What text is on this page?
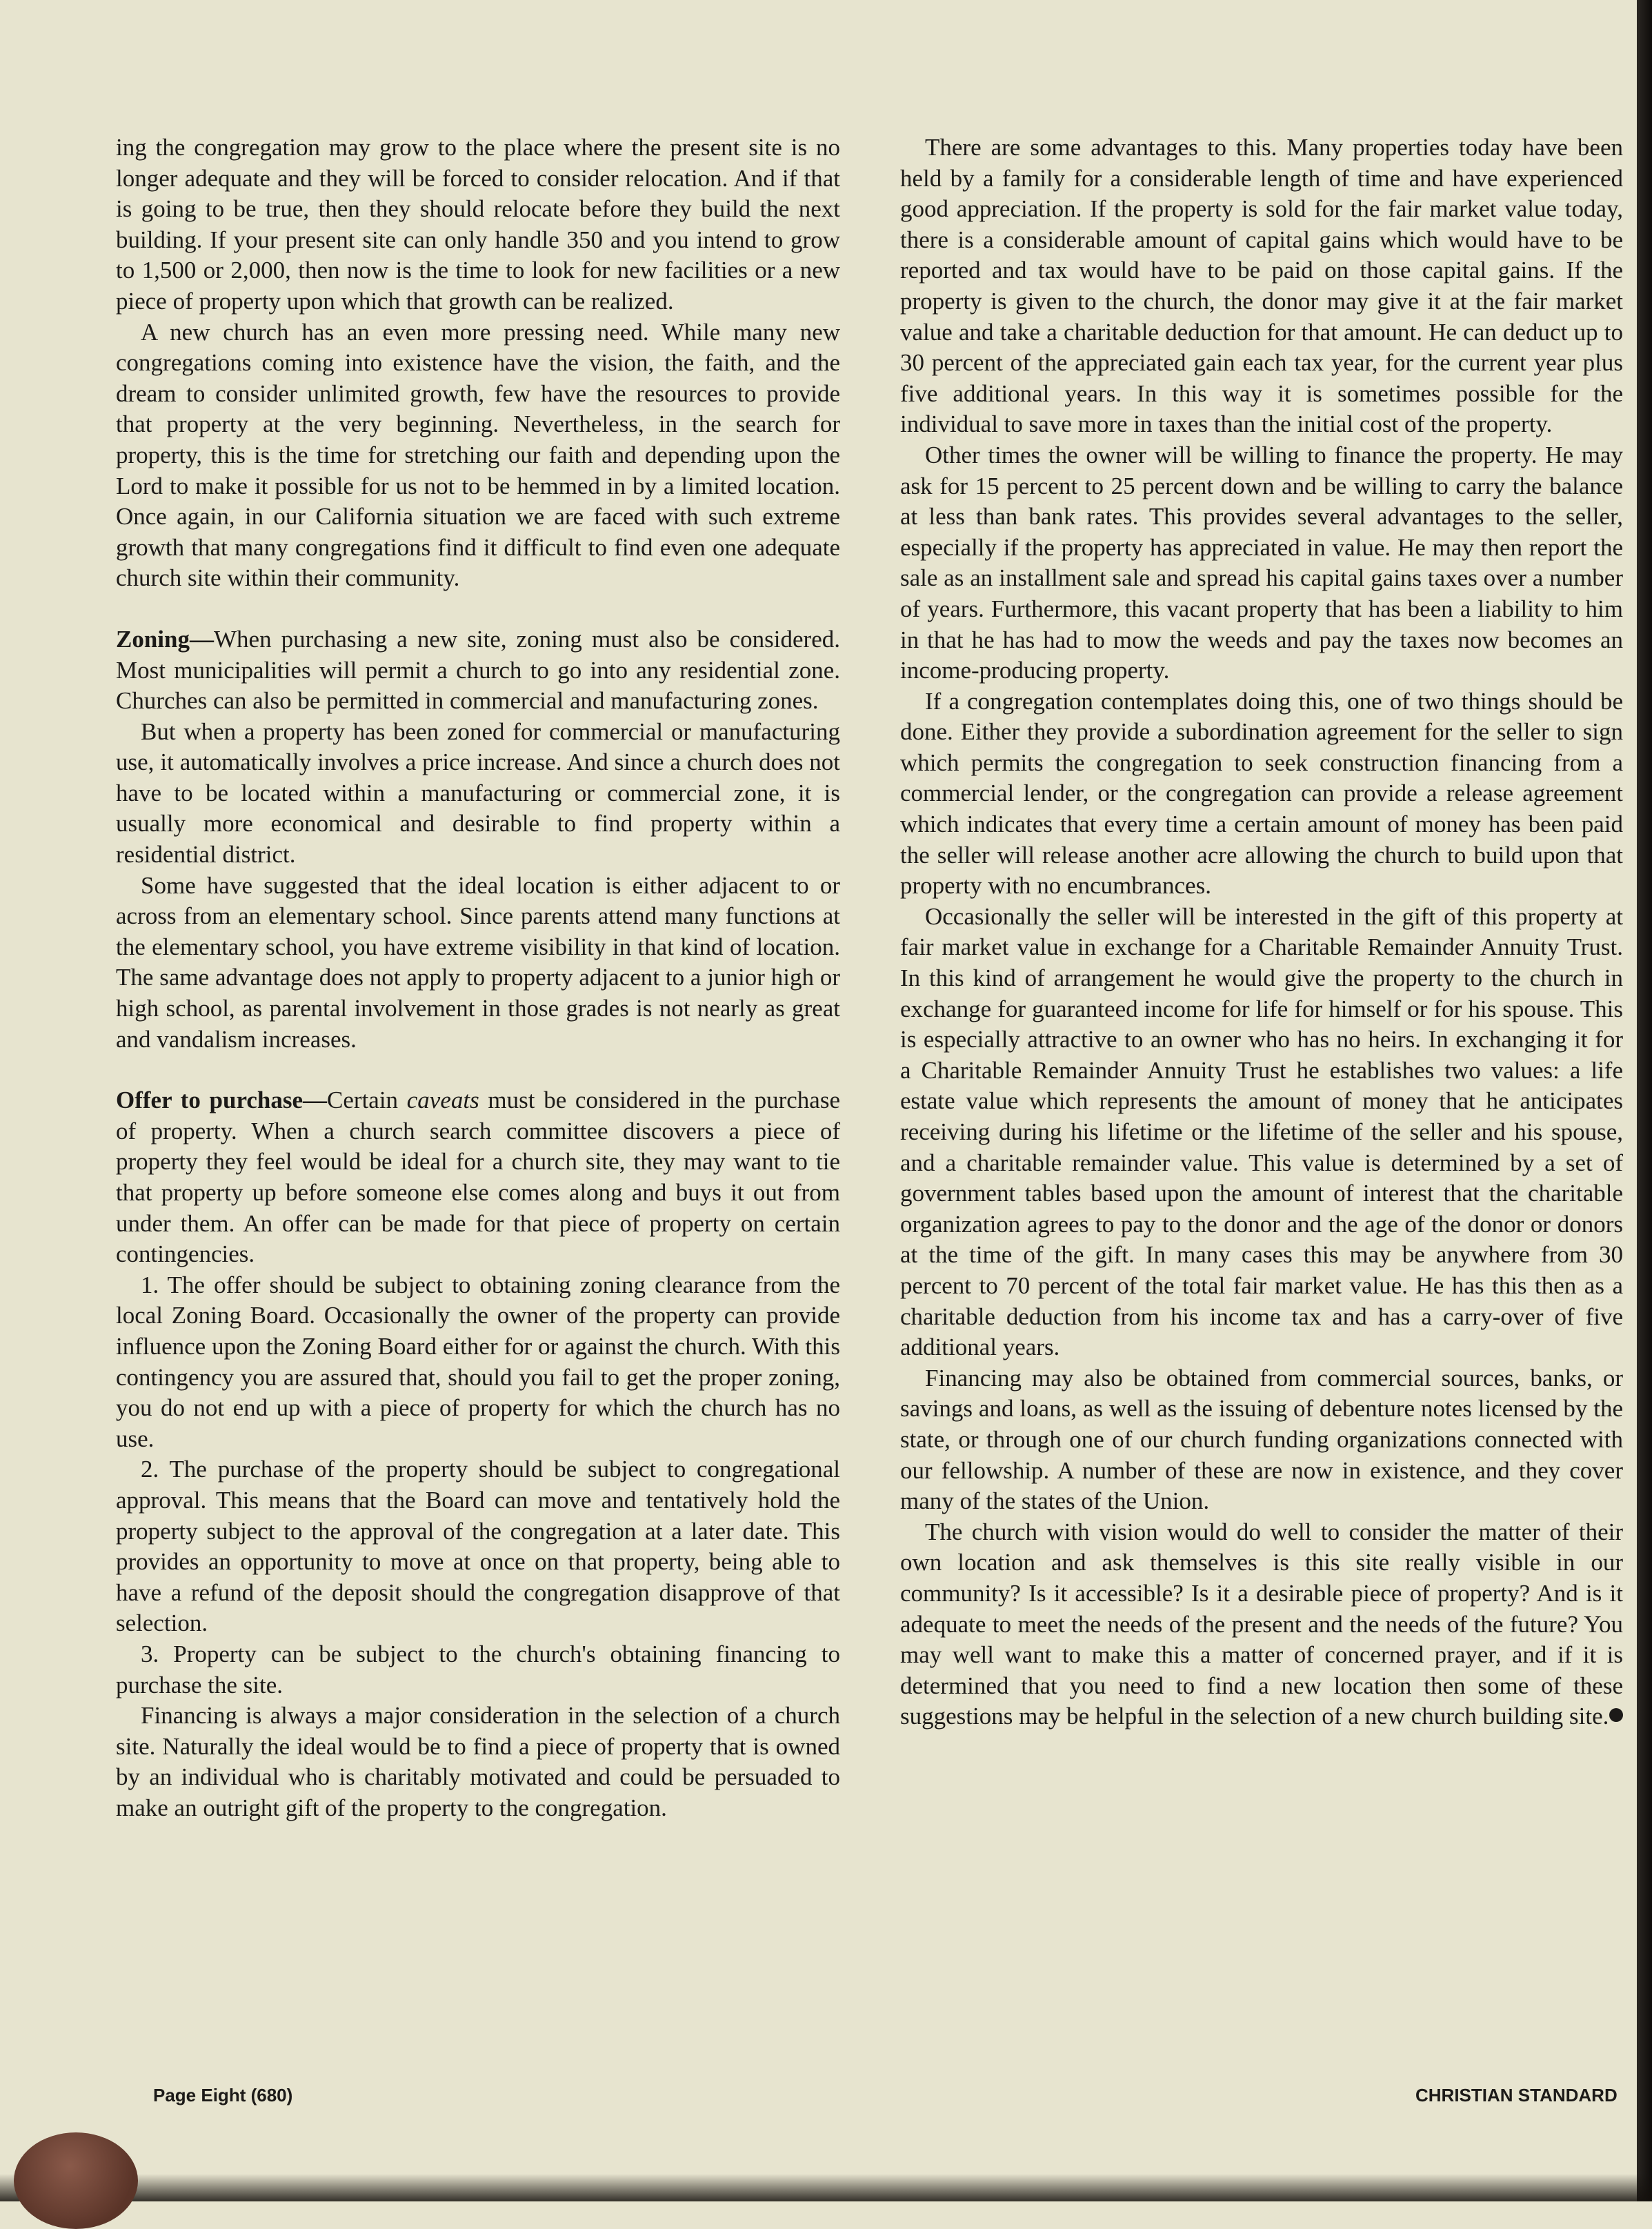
ing the congregation may grow to the place where the present site is no longer adequate and they will be forced to consider relocation. And if that is going to be true, then they should relocate before they build the next building. If your present site can only handle 350 and you intend to grow to 1,500 or 2,000, then now is the time to look for new facilities or a new piece of property upon which that growth can be realized.

A new church has an even more pressing need. While many new congregations coming into existence have the vision, the faith, and the dream to consider unlimited growth, few have the resources to provide that property at the very beginning. Nevertheless, in the search for property, this is the time for stretching our faith and depending upon the Lord to make it possible for us not to be hemmed in by a limited location. Once again, in our California situation we are faced with such extreme growth that many congregations find it difficult to find even one adequate church site within their community.

Zoning—When purchasing a new site, zoning must also be considered. Most municipalities will permit a church to go into any residential zone. Churches can also be permitted in commercial and manufacturing zones.

But when a property has been zoned for commercial or manufacturing use, it automatically involves a price increase. And since a church does not have to be located within a manufacturing or commercial zone, it is usually more economical and desirable to find property within a residential district.

Some have suggested that the ideal location is either adjacent to or across from an elementary school. Since parents attend many functions at the elementary school, you have extreme visibility in that kind of location. The same advantage does not apply to property adjacent to a junior high or high school, as parental involvement in those grades is not nearly as great and vandalism increases.

Offer to purchase—Certain caveats must be considered in the purchase of property. When a church search committee discovers a piece of property they feel would be ideal for a church site, they may want to tie that property up before someone else comes along and buys it out from under them. An offer can be made for that piece of property on certain contingencies.

1. The offer should be subject to obtaining zoning clearance from the local Zoning Board. Occasionally the owner of the property can provide influence upon the Zoning Board either for or against the church. With this contingency you are assured that, should you fail to get the proper zoning, you do not end up with a piece of property for which the church has no use.

2. The purchase of the property should be subject to congregational approval. This means that the Board can move and tentatively hold the property subject to the approval of the congregation at a later date. This provides an opportunity to move at once on that property, being able to have a refund of the deposit should the congregation disapprove of that selection.

3. Property can be subject to the church's obtaining financing to purchase the site.

Financing is always a major consideration in the selection of a church site. Naturally the ideal would be to find a piece of property that is owned by an individual who is charitably motivated and could be persuaded to make an outright gift of the property to the congregation.

There are some advantages to this. Many properties today have been held by a family for a considerable length of time and have experienced good appreciation. If the property is sold for the fair market value today, there is a considerable amount of capital gains which would have to be reported and tax would have to be paid on those capital gains. If the property is given to the church, the donor may give it at the fair market value and take a charitable deduction for that amount. He can deduct up to 30 percent of the appreciated gain each tax year, for the current year plus five additional years. In this way it is sometimes possible for the individual to save more in taxes than the initial cost of the property.

Other times the owner will be willing to finance the property. He may ask for 15 percent to 25 percent down and be willing to carry the balance at less than bank rates. This provides several advantages to the seller, especially if the property has appreciated in value. He may then report the sale as an installment sale and spread his capital gains taxes over a number of years. Furthermore, this vacant property that has been a liability to him in that he has had to mow the weeds and pay the taxes now becomes an income-producing property.

If a congregation contemplates doing this, one of two things should be done. Either they provide a subordination agreement for the seller to sign which permits the congregation to seek construction financing from a commercial lender, or the congregation can provide a release agreement which indicates that every time a certain amount of money has been paid the seller will release another acre allowing the church to build upon that property with no encumbrances.

Occasionally the seller will be interested in the gift of this property at fair market value in exchange for a Charitable Remainder Annuity Trust. In this kind of arrangement he would give the property to the church in exchange for guaranteed income for life for himself or for his spouse. This is especially attractive to an owner who has no heirs. In exchanging it for a Charitable Remainder Annuity Trust he establishes two values: a life estate value which represents the amount of money that he anticipates receiving during his lifetime or the lifetime of the seller and his spouse, and a charitable remainder value. This value is determined by a set of government tables based upon the amount of interest that the charitable organization agrees to pay to the donor and the age of the donor or donors at the time of the gift. In many cases this may be anywhere from 30 percent to 70 percent of the total fair market value. He has this then as a charitable deduction from his income tax and has a carry-over of five additional years.

Financing may also be obtained from commercial sources, banks, or savings and loans, as well as the issuing of debenture notes licensed by the state, or through one of our church funding organizations connected with our fellowship. A number of these are now in existence, and they cover many of the states of the Union.

The church with vision would do well to consider the matter of their own location and ask themselves is this site really visible in our community? Is it accessible? Is it a desirable piece of property? And is it adequate to meet the needs of the present and the needs of the future? You may well want to make this a matter of concerned prayer, and if it is determined that you need to find a new location then some of these suggestions may be helpful in the selection of a new church building site.

Page Eight (680)	CHRISTIAN STANDARD
